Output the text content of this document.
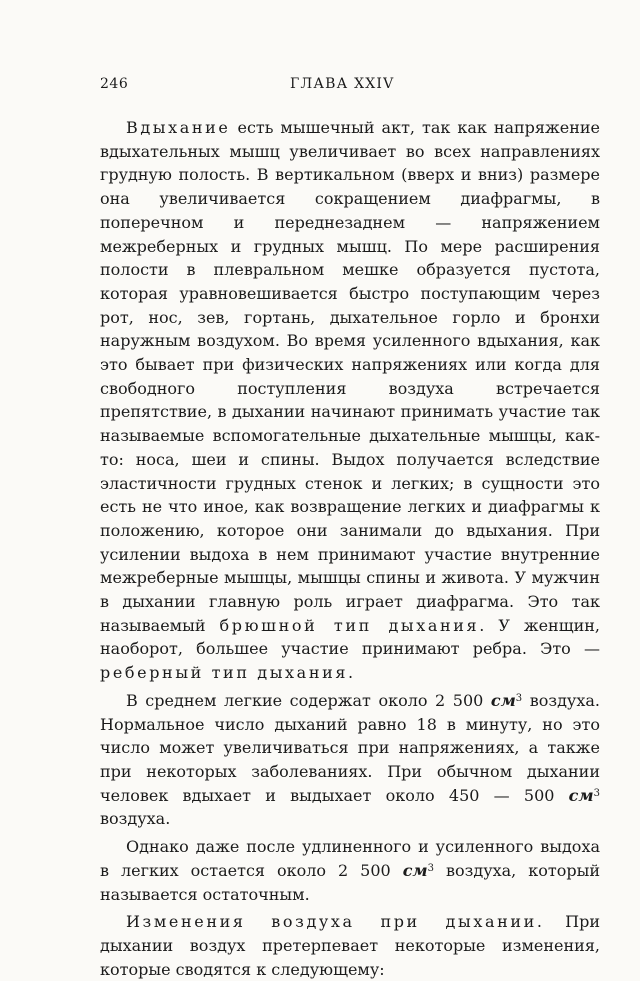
246	ГЛАВА XXIV

Вдыхание есть мышечный акт, так как напряжение вдыхательных мышц увеличивает во всех направлениях грудную полость. В вертикальном (вверх и вниз) размере она увеличивается сокращением диафрагмы, в поперечном и переднезаднем — напряжением межреберных и грудных мышц. По мере расширения полости в плевральном мешке образуется пустота, которая уравновешивается быстро поступающим через рот, нос, зев, гортань, дыхательное горло и бронхи наружным воздухом. Во время усиленного вдыхания, как это бывает при физических напряжениях или когда для свободного поступления воздуха встречается препятствие, в дыхании начинают принимать участие так называемые вспомогательные дыхательные мышцы, как-то: носа, шеи и спины. Выдох получается вследствие эластичности грудных стенок и легких; в сущности это есть не что иное, как возвращение легких и диафрагмы к положению, которое они занимали до вдыхания. При усилении выдоха в нем принимают участие внутренние межреберные мышцы, мышцы спины и живота. У мужчин в дыхании главную роль играет диафрагма. Это так называемый брюшной тип дыхания. У женщин, наоборот, большее участие принимают ребра. Это — реберный тип дыхания.

В среднем легкие содержат около 2 500 $см^3$ воздуха. Нормальное число дыханий равно 18 в минуту, но это число может увеличиваться при напряжениях, а также при некоторых заболеваниях. При обычном дыхании человек вдыхает и выдыхает около 450 — 500 $см^3$ воздуха.

Однако даже после удлиненного и усиленного выдоха в легких остается около 2 500 $см^3$ воздуха, который называется остаточным.

Изменения воздуха при дыхании. При дыхании воздух претерпевает некоторые изменения, которые сводятся к следующему:
